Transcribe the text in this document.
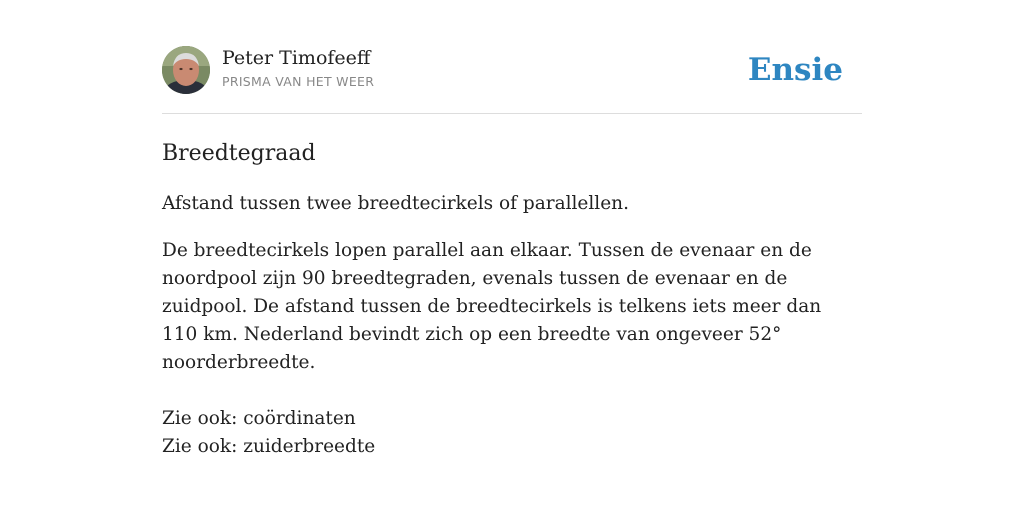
Peter Timofeeff
PRISMA VAN HET WEER	Ensie
Breedtegraad

Afstand tussen twee breedtecirkels of parallellen.

De breedtecirkels lopen parallel aan elkaar. Tussen de evenaar en de noordpool zijn 90 breedtegraden, evenals tussen de evenaar en de zuidpool. De afstand tussen de breedtecirkels is telkens iets meer dan 110 km. Nederland bevindt zich op een breedte van ongeveer 52° noorderbreedte.

Zie ook: coördinaten
Zie ook: zuiderbreedte
